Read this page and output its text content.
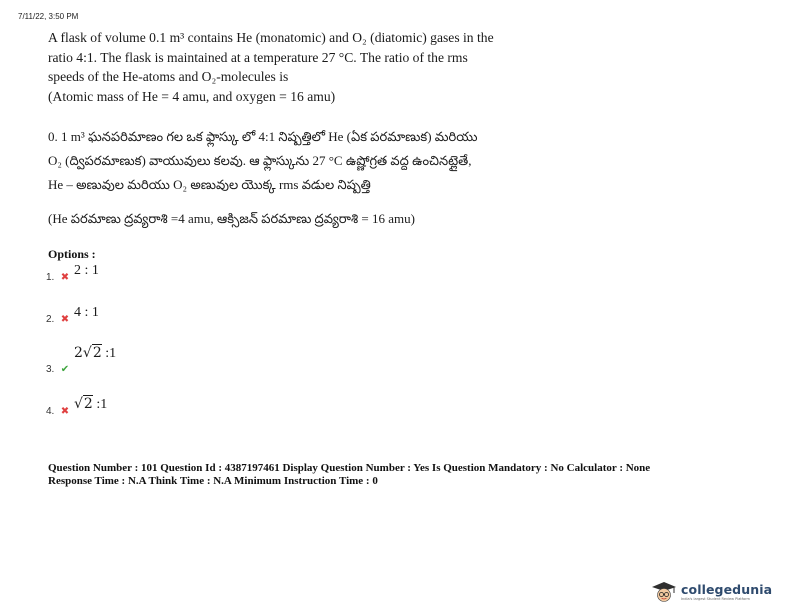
7/11/22, 3:50 PM
A flask of volume 0.1 m³ contains He (monatomic) and O₂ (diatomic) gases in the
ratio 4:1. The flask is maintained at a temperature 27 °C. The ratio of the rms
speeds of the He-atoms and O₂-molecules is
(Atomic mass of He = 4 amu, and oxygen = 16 amu)
0. 1 m³ ఘనపరిమాణం గల ఒక ఫ్లాస్కు లో 4:1 నిష్పత్తిలో He (ఏక పరమాణుక) మరియు
O₂ (ద్విపరమాణుక) వాయువులు కలవు. ఆ ఫ్లాస్కును 27 °C ఉష్ణోగ్రత వద్ద ఉంచినట్లైతే,
He – అణువుల మరియు O₂ అణువుల యొక్క rms వడుల నిష్పత్తి
(He పరమాణు ద్రవ్యరాశి =4 amu, ఆక్సిజన్ పరమాణు ద్రవ్యరాశి = 16 amu)
Options :
1. ✖ 2 : 1
2. ✖ 4 : 1
3. ✔
2√2 :1
4. ✖ √2 :1
Question Number : 101 Question Id : 4387197461 Display Question Number : Yes Is Question Mandatory : No Calculator : None
Response Time : N.A Think Time : N.A Minimum Instruction Time : 0
collegedunia
India's largest Student Review Platform
